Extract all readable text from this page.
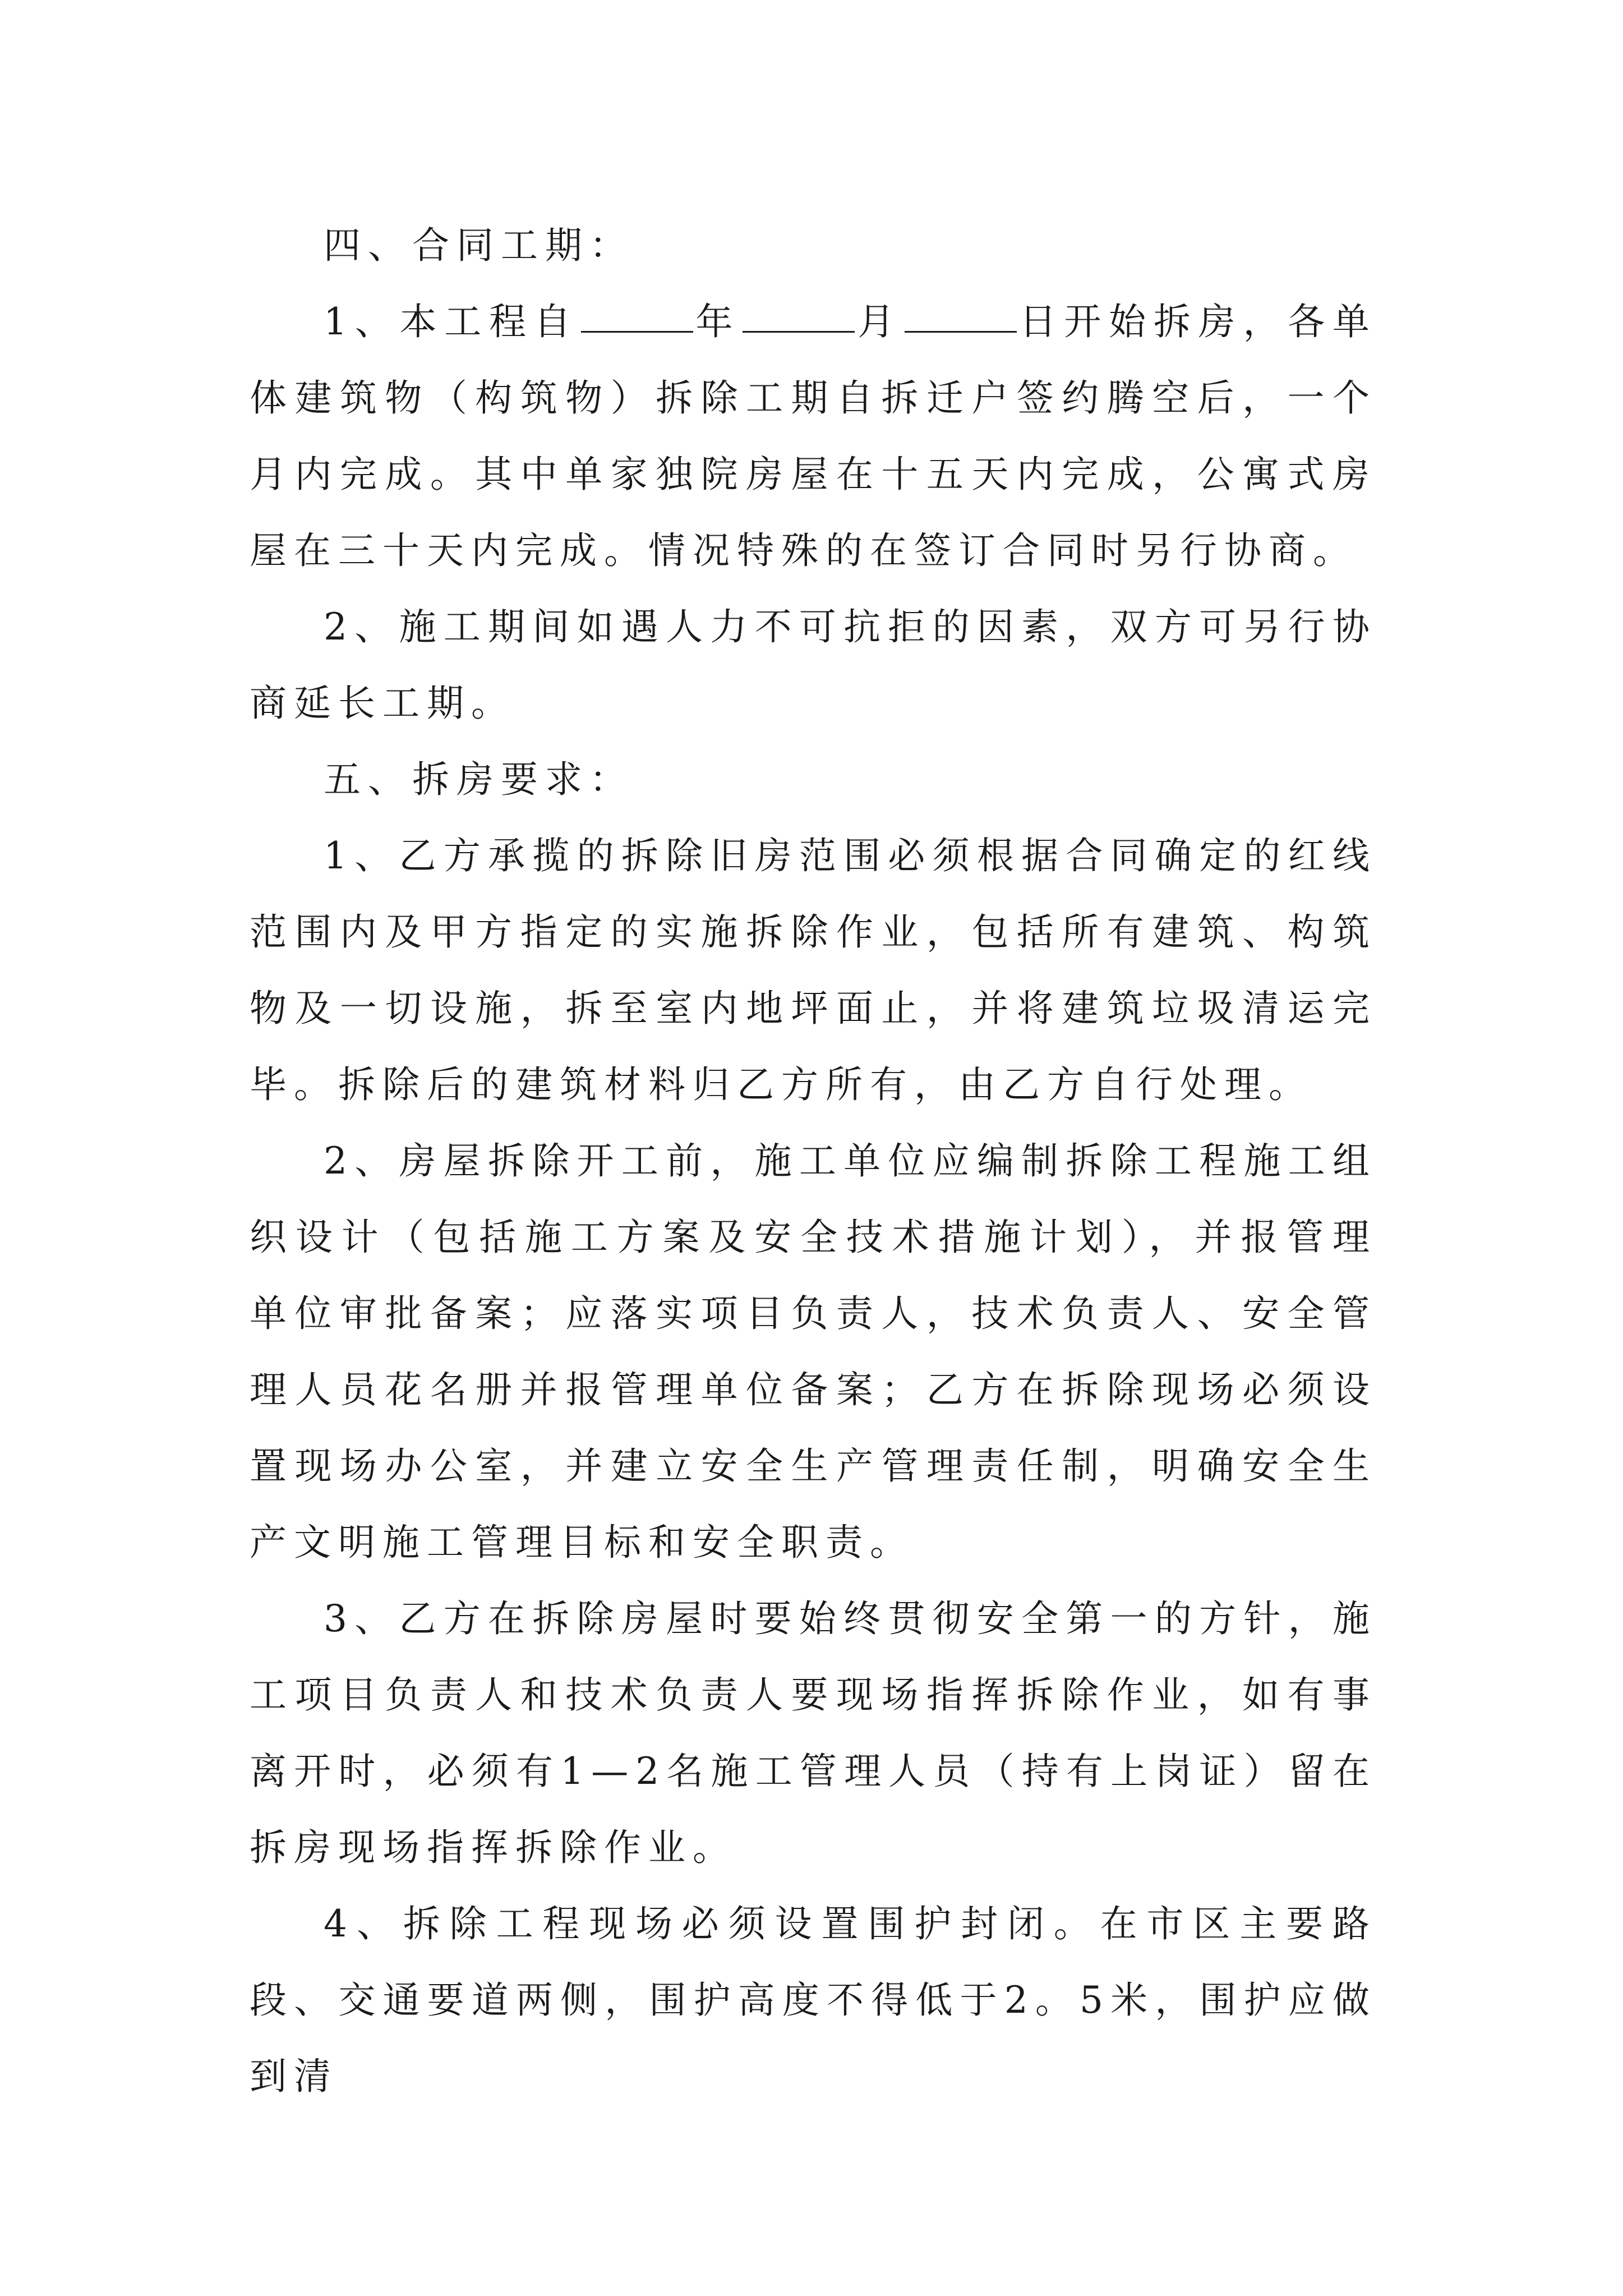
四、合同工期：

1、本工程自	年	月	日开始拆房，各单体建筑物（构筑物）拆除工期自拆迁户签约腾空后，一个月内完成。其中单家独院房屋在十五天内完成，公寓式房屋在三十天内完成。情况特殊的在签订合同时另行协商。

2、施工期间如遇人力不可抗拒的因素，双方可另行协商延长工期。

五、拆房要求：

1、乙方承揽的拆除旧房范围必须根据合同确定的红线范围内及甲方指定的实施拆除作业，包括所有建筑、构筑物及一切设施，拆至室内地坪面止，并将建筑垃圾清运完毕。拆除后的建筑材料归乙方所有，由乙方自行处理。

2、房屋拆除开工前，施工单位应编制拆除工程施工组织设计（包括施工方案及安全技术措施计划），并报管理单位审批备案；应落实项目负责人，技术负责人、安全管理人员花名册并报管理单位备案；乙方在拆除现场必须设置现场办公室，并建立安全生产管理责任制，明确安全生产文明施工管理目标和安全职责。

3、乙方在拆除房屋时要始终贯彻安全第一的方针，施工项目负责人和技术负责人要现场指挥拆除作业，如有事离开时，必须有1—2名施工管理人员（持有上岗证）留在拆房现场指挥拆除作业。

4、拆除工程现场必须设置围护封闭。在市区主要路段、交通要道两侧，围护高度不得低于2。5米，围护应做到清
